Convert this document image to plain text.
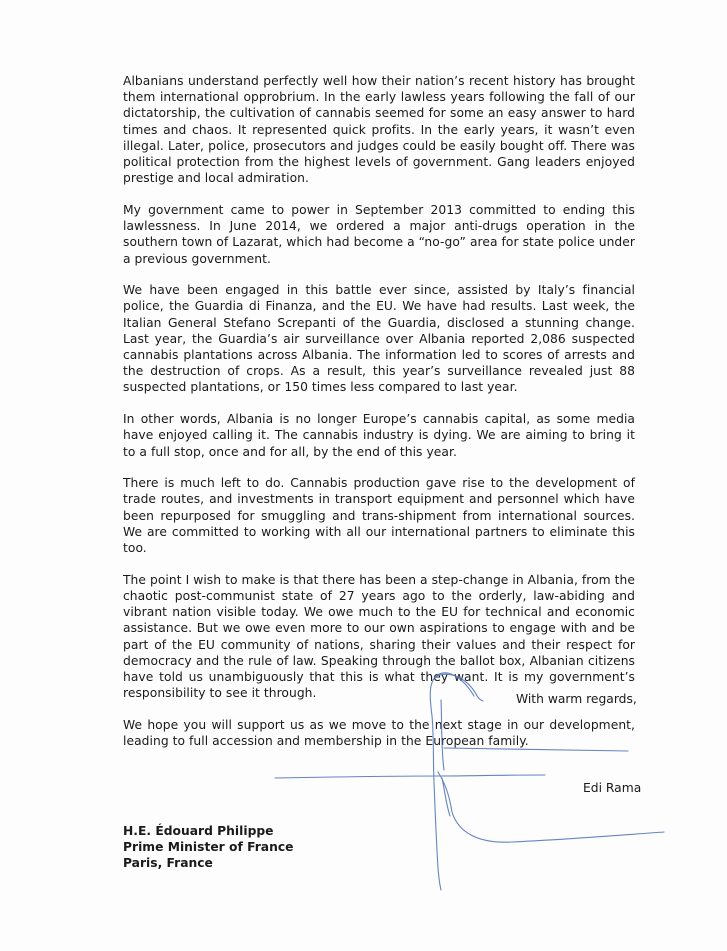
Albanians understand perfectly well how their nation’s recent history has brought them international opprobrium. In the early lawless years following the fall of our dictatorship, the cultivation of cannabis seemed for some an easy answer to hard times and chaos. It represented quick profits. In the early years, it wasn’t even illegal. Later, police, prosecutors and judges could be easily bought off. There was political protection from the highest levels of government. Gang leaders enjoyed prestige and local admiration.

My government came to power in September 2013 committed to ending this lawlessness. In June 2014, we ordered a major anti-drugs operation in the southern town of Lazarat, which had become a “no-go” area for state police under a previous government.

We have been engaged in this battle ever since, assisted by Italy’s financial police, the Guardia di Finanza, and the EU. We have had results. Last week, the Italian General Stefano Screpanti of the Guardia, disclosed a stunning change. Last year, the Guardia’s air surveillance over Albania reported 2,086 suspected cannabis plantations across Albania. The information led to scores of arrests and the destruction of crops. As a result, this year’s surveillance revealed just 88 suspected plantations, or 150 times less compared to last year.

In other words, Albania is no longer Europe’s cannabis capital, as some media have enjoyed calling it. The cannabis industry is dying. We are aiming to bring it to a full stop, once and for all, by the end of this year.

There is much left to do. Cannabis production gave rise to the development of trade routes, and investments in transport equipment and personnel which have been repurposed for smuggling and trans-shipment from international sources. We are committed to working with all our international partners to eliminate this too.

The point I wish to make is that there has been a step-change in Albania, from the chaotic post-communist state of 27 years ago to the orderly, law-abiding and vibrant nation visible today. We owe much to the EU for technical and economic assistance. But we owe even more to our own aspirations to engage with and be part of the EU community of nations, sharing their values and their respect for democracy and the rule of law. Speaking through the ballot box, Albanian citizens have told us unambiguously that this is what they want. It is my government’s responsibility to see it through.

We hope you will support us as we move to the next stage in our development, leading to full accession and membership in the European family.

With warm regards,
Edi Rama
H.E. Édouard Philippe
Prime Minister of France
Paris, France
